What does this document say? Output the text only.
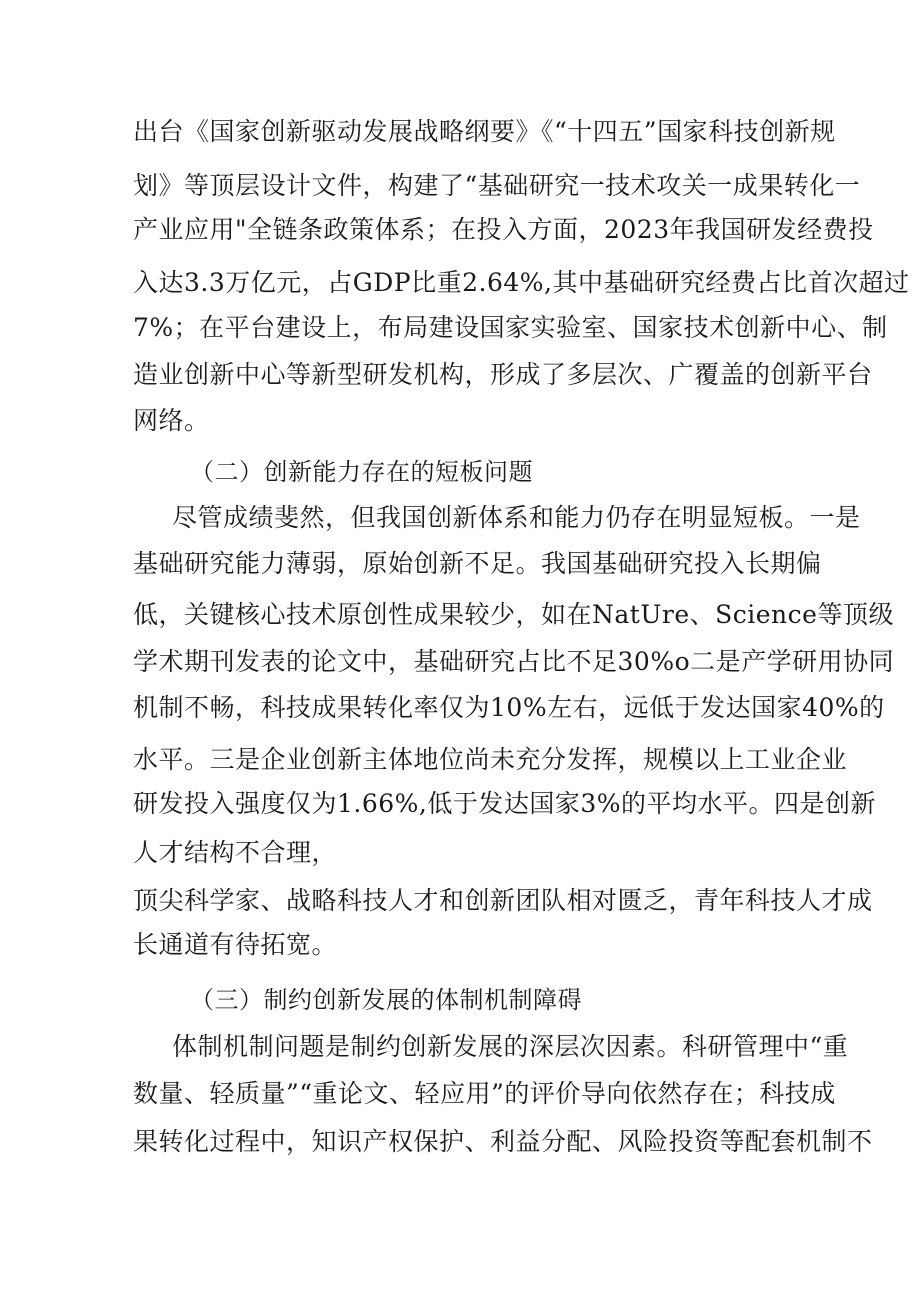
出台《国家创新驱动发展战略纲要》《“十四五”国家科技创新规
划》等顶层设计文件，构建了“基础研究一技术攻关一成果转化一
产业应用"全链条政策体系；在投入方面，2023年我国研发经费投
入达3.3万亿元，占GDP比重2.64%,其中基础研究经费占比首次超过
7%；在平台建设上，布局建设国家实验室、国家技术创新中心、制
造业创新中心等新型研发机构，形成了多层次、广覆盖的创新平台
网络。
（二）创新能力存在的短板问题
尽管成绩斐然，但我国创新体系和能力仍存在明显短板。一是
基础研究能力薄弱，原始创新不足。我国基础研究投入长期偏
低，关键核心技术原创性成果较少，如在NatUre、Science等顶级
学术期刊发表的论文中，基础研究占比不足30%o二是产学研用协同
机制不畅，科技成果转化率仅为10%左右，远低于发达国家40%的
水平。三是企业创新主体地位尚未充分发挥，规模以上工业企业
研发投入强度仅为1.66%,低于发达国家3%的平均水平。四是创新
人才结构不合理，
顶尖科学家、战略科技人才和创新团队相对匮乏，青年科技人才成
长通道有待拓宽。
（三）制约创新发展的体制机制障碍
体制机制问题是制约创新发展的深层次因素。科研管理中“重
数量、轻质量”“重论文、轻应用”的评价导向依然存在；科技成
果转化过程中，知识产权保护、利益分配、风险投资等配套机制不
